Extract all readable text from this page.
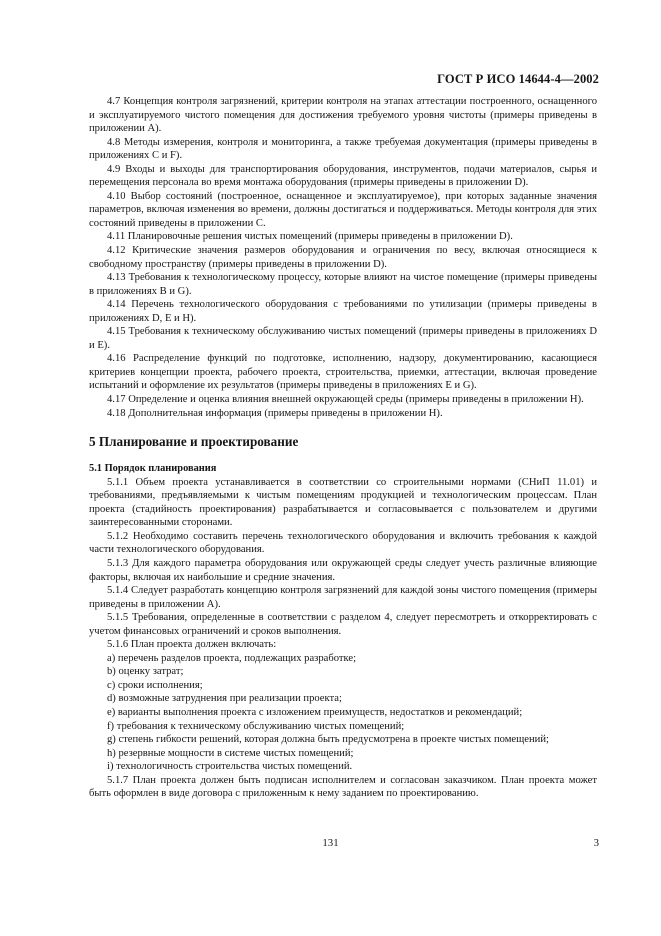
ГОСТ Р ИСО 14644-4—2002

4.7 Концепция контроля загрязнений, критерии контроля на этапах аттестации построенного, оснащенного и эксплуатируемого чистого помещения для достижения требуемого уровня чистоты (примеры приведены в приложении А).

4.8 Методы измерения, контроля и мониторинга, а также требуемая документация (примеры приведены в приложениях С и F).

4.9 Входы и выходы для транспортирования оборудования, инструментов, подачи материалов, сырья и перемещения персонала во время монтажа оборудования (примеры приведены в приложении D).

4.10 Выбор состояний (построенное, оснащенное и эксплуатируемое), при которых заданные значения параметров, включая изменения во времени, должны достигаться и поддерживаться. Методы контроля для этих состояний приведены в приложении С.

4.11 Планировочные решения чистых помещений (примеры приведены в приложении D).

4.12 Критические значения размеров оборудования и ограничения по весу, включая относящиеся к свободному пространству (примеры приведены в приложении D).

4.13 Требования к технологическому процессу, которые влияют на чистое помещение (примеры приведены в приложениях В и G).

4.14 Перечень технологического оборудования с требованиями по утилизации (примеры приведены в приложениях D, E и H).

4.15 Требования к техническому обслуживанию чистых помещений (примеры приведены в приложениях D и E).

4.16 Распределение функций по подготовке, исполнению, надзору, документированию, касающиеся критериев концепции проекта, рабочего проекта, строительства, приемки, аттестации, включая проведение испытаний и оформление их результатов (примеры приведены в приложениях E и G).

4.17 Определение и оценка влияния внешней окружающей среды (примеры приведены в приложении H).

4.18 Дополнительная информация (примеры приведены в приложении H).

5 Планирование и проектирование
5.1 Порядок планирования

5.1.1 Объем проекта устанавливается в соответствии со строительными нормами (СНиП 11.01) и требованиями, предъявляемыми к чистым помещениям продукцией и технологическим процессам. План проекта (стадийность проектирования) разрабатывается и согласовывается с пользователем и другими заинтересованными сторонами.

5.1.2 Необходимо составить перечень технологического оборудования и включить требования к каждой части технологического оборудования.

5.1.3 Для каждого параметра оборудования или окружающей среды следует учесть различные влияющие факторы, включая их наибольшие и средние значения.

5.1.4 Следует разработать концепцию контроля загрязнений для каждой зоны чистого помещения (примеры приведены в приложении А).

5.1.5 Требования, определенные в соответствии с разделом 4, следует пересмотреть и откорректировать с учетом финансовых ограничений и сроков выполнения.

5.1.6 План проекта должен включать:

a) перечень разделов проекта, подлежащих разработке;

b) оценку затрат;

c) сроки исполнения;

d) возможные затруднения при реализации проекта;

e) варианты выполнения проекта с изложением преимуществ, недостатков и рекомендаций;

f) требования к техническому обслуживанию чистых помещений;

g) степень гибкости решений, которая должна быть предусмотрена в проекте чистых помещений;

h) резервные мощности в системе чистых помещений;

i) технологичность строительства чистых помещений.

5.1.7 План проекта должен быть подписан исполнителем и согласован заказчиком. План проекта может быть оформлен в виде договора с приложенным к нему заданием по проектированию.

131	3
